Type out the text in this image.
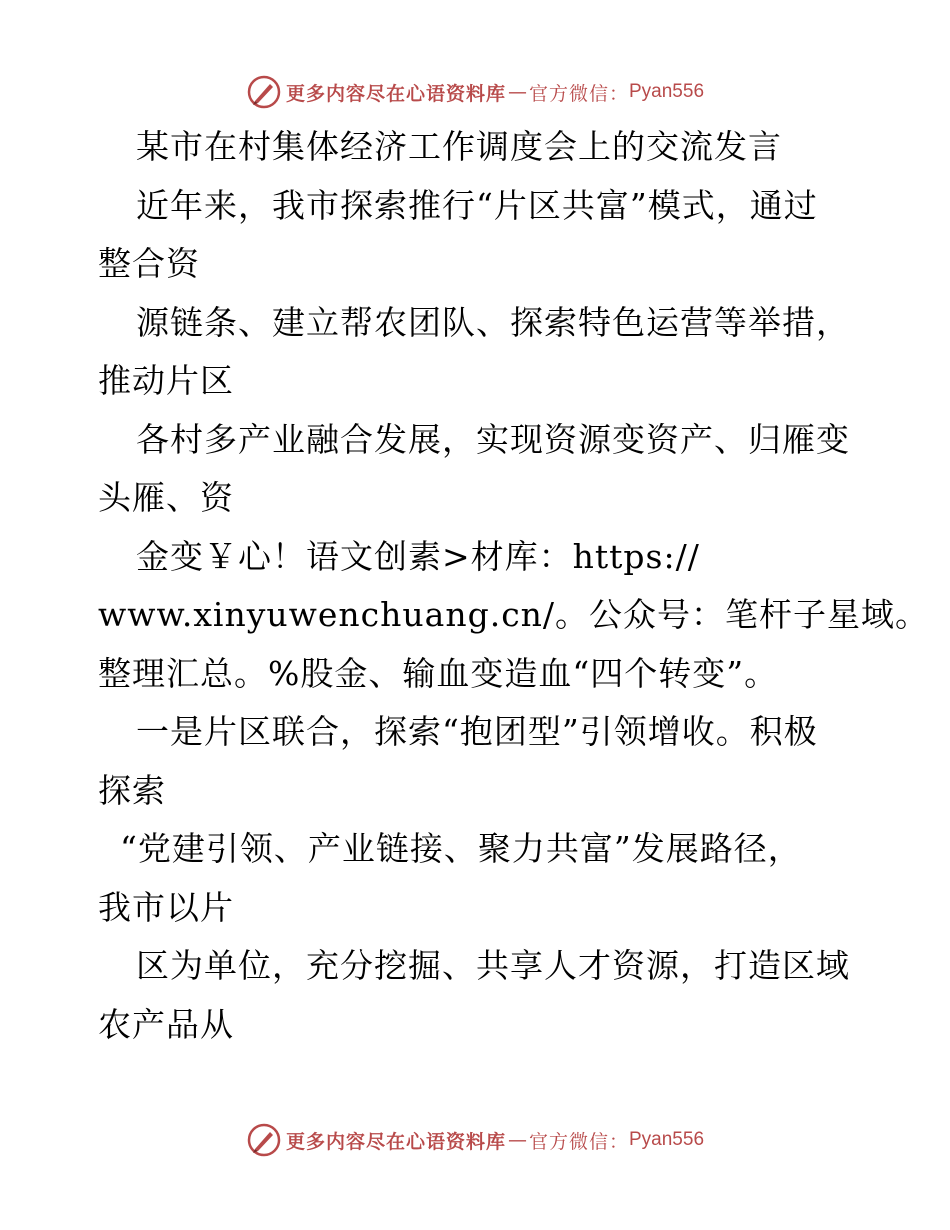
更多内容尽在心语资料库 — 官方微信： Pyan556
某市在村集体经济工作调度会上的交流发言
近年来，我市探索推行“片区共富”模式，通过
整合资
源链条、建立帮农团队、探索特色运营等举措，
推动片区
各村多产业融合发展，实现资源变资产、归雁变
头雁、资
金变￥心！语文创素>材库：https://
www.xinyuwenchuang.cn/。公众号：笔杆子星域。
整理汇总。%股金、输血变造血“四个转变”。
一是片区联合，探索“抱团型”引领增收。积极
探索
“党建引领、产业链接、聚力共富”发展路径，
我市以片
区为单位，充分挖掘、共享人才资源，打造区域
农产品从
更多内容尽在心语资料库 — 官方微信： Pyan556
